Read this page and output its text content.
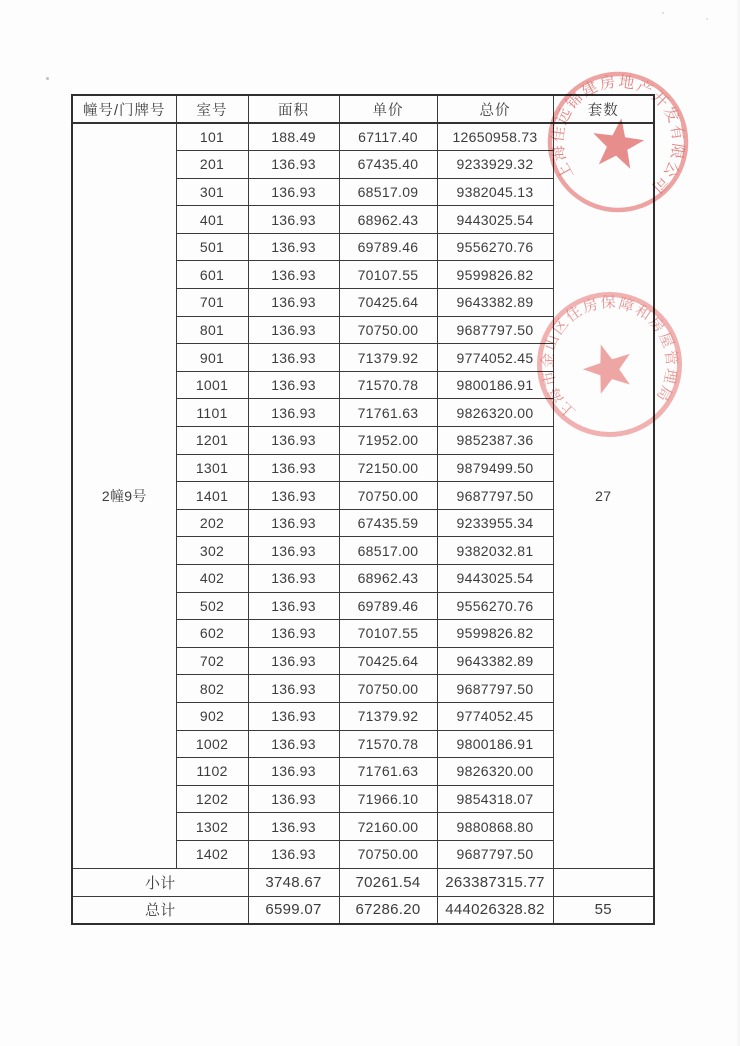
幢号/门牌号	室号	面积	单价	总价	套数
2幢9号	101	188.49	67117.40	12650958.73	27
	201	136.93	67435.40	9233929.32	
	301	136.93	68517.09	9382045.13	
	401	136.93	68962.43	9443025.54	
	501	136.93	69789.46	9556270.76	
	601	136.93	70107.55	9599826.82	
	701	136.93	70425.64	9643382.89	
	801	136.93	70750.00	9687797.50	
	901	136.93	71379.92	9774052.45	
	1001	136.93	71570.78	9800186.91	
	1101	136.93	71761.63	9826320.00	
	1201	136.93	71952.00	9852387.36	
	1301	136.93	72150.00	9879499.50	
	1401	136.93	70750.00	9687797.50	
	202	136.93	67435.59	9233955.34	
	302	136.93	68517.00	9382032.81	
	402	136.93	68962.43	9443025.54	
	502	136.93	69789.46	9556270.76	
	602	136.93	70107.55	9599826.82	
	702	136.93	70425.64	9643382.89	
	802	136.93	70750.00	9687797.50	
	902	136.93	71379.92	9774052.45	
	1002	136.93	71570.78	9800186.91	
	1102	136.93	71761.63	9826320.00	
	1202	136.93	71966.10	9854318.07	
	1302	136.93	72160.00	9880868.80	
	1402	136.93	70750.00	9687797.50	
小计		3748.67	70261.54	263387315.77	
总计		6599.07	67286.20	444026328.82	55
上海佳远锦建房地产开发有限公司
上海市金山区住房保障和房屋管理局
